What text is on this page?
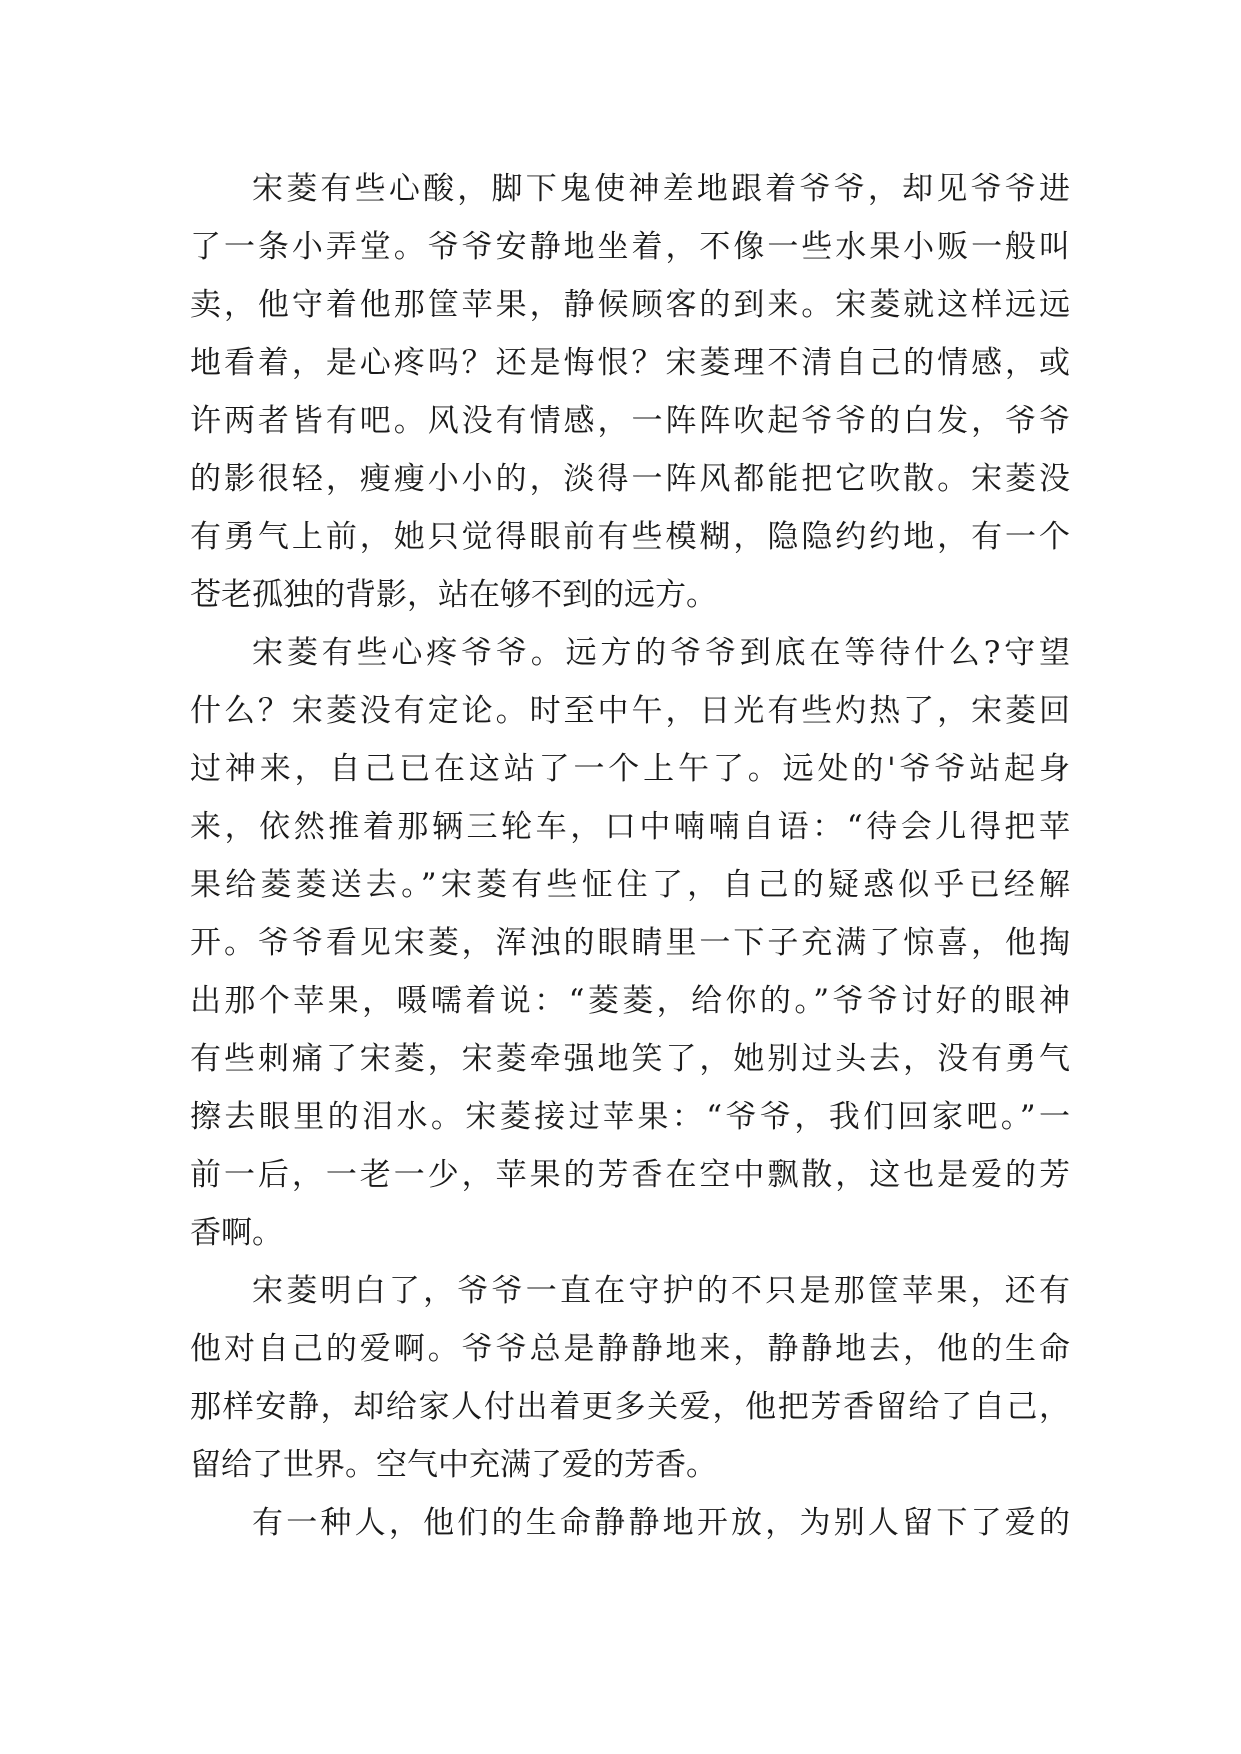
宋菱有些心酸，脚下鬼使神差地跟着爷爷，却见爷爷进
了一条小弄堂。爷爷安静地坐着，不像一些水果小贩一般叫
卖，他守着他那筐苹果，静候顾客的到来。宋菱就这样远远
地看着，是心疼吗？还是悔恨？宋菱理不清自己的情感，或
许两者皆有吧。风没有情感，一阵阵吹起爷爷的白发，爷爷
的影很轻，瘦瘦小小的，淡得一阵风都能把它吹散。宋菱没
有勇气上前，她只觉得眼前有些模糊，隐隐约约地，有一个
苍老孤独的背影，站在够不到的远方。
宋菱有些心疼爷爷。远方的爷爷到底在等待什么?守望
什么？宋菱没有定论。时至中午，日光有些灼热了，宋菱回
过神来，自己已在这站了一个上午了。远处的'爷爷站起身
来，依然推着那辆三轮车，口中喃喃自语：“待会儿得把苹
果给菱菱送去。”宋菱有些怔住了，自己的疑惑似乎已经解
开。爷爷看见宋菱，浑浊的眼睛里一下子充满了惊喜，他掏
出那个苹果，嗫嚅着说：“菱菱，给你的。”爷爷讨好的眼神
有些刺痛了宋菱，宋菱牵强地笑了，她别过头去，没有勇气
擦去眼里的泪水。宋菱接过苹果：“爷爷，我们回家吧。”一
前一后，一老一少，苹果的芳香在空中飘散，这也是爱的芳
香啊。
宋菱明白了，爷爷一直在守护的不只是那筐苹果，还有
他对自己的爱啊。爷爷总是静静地来，静静地去，他的生命
那样安静，却给家人付出着更多关爱，他把芳香留给了自己，
留给了世界。空气中充满了爱的芳香。
有一种人，他们的生命静静地开放，为别人留下了爱的
